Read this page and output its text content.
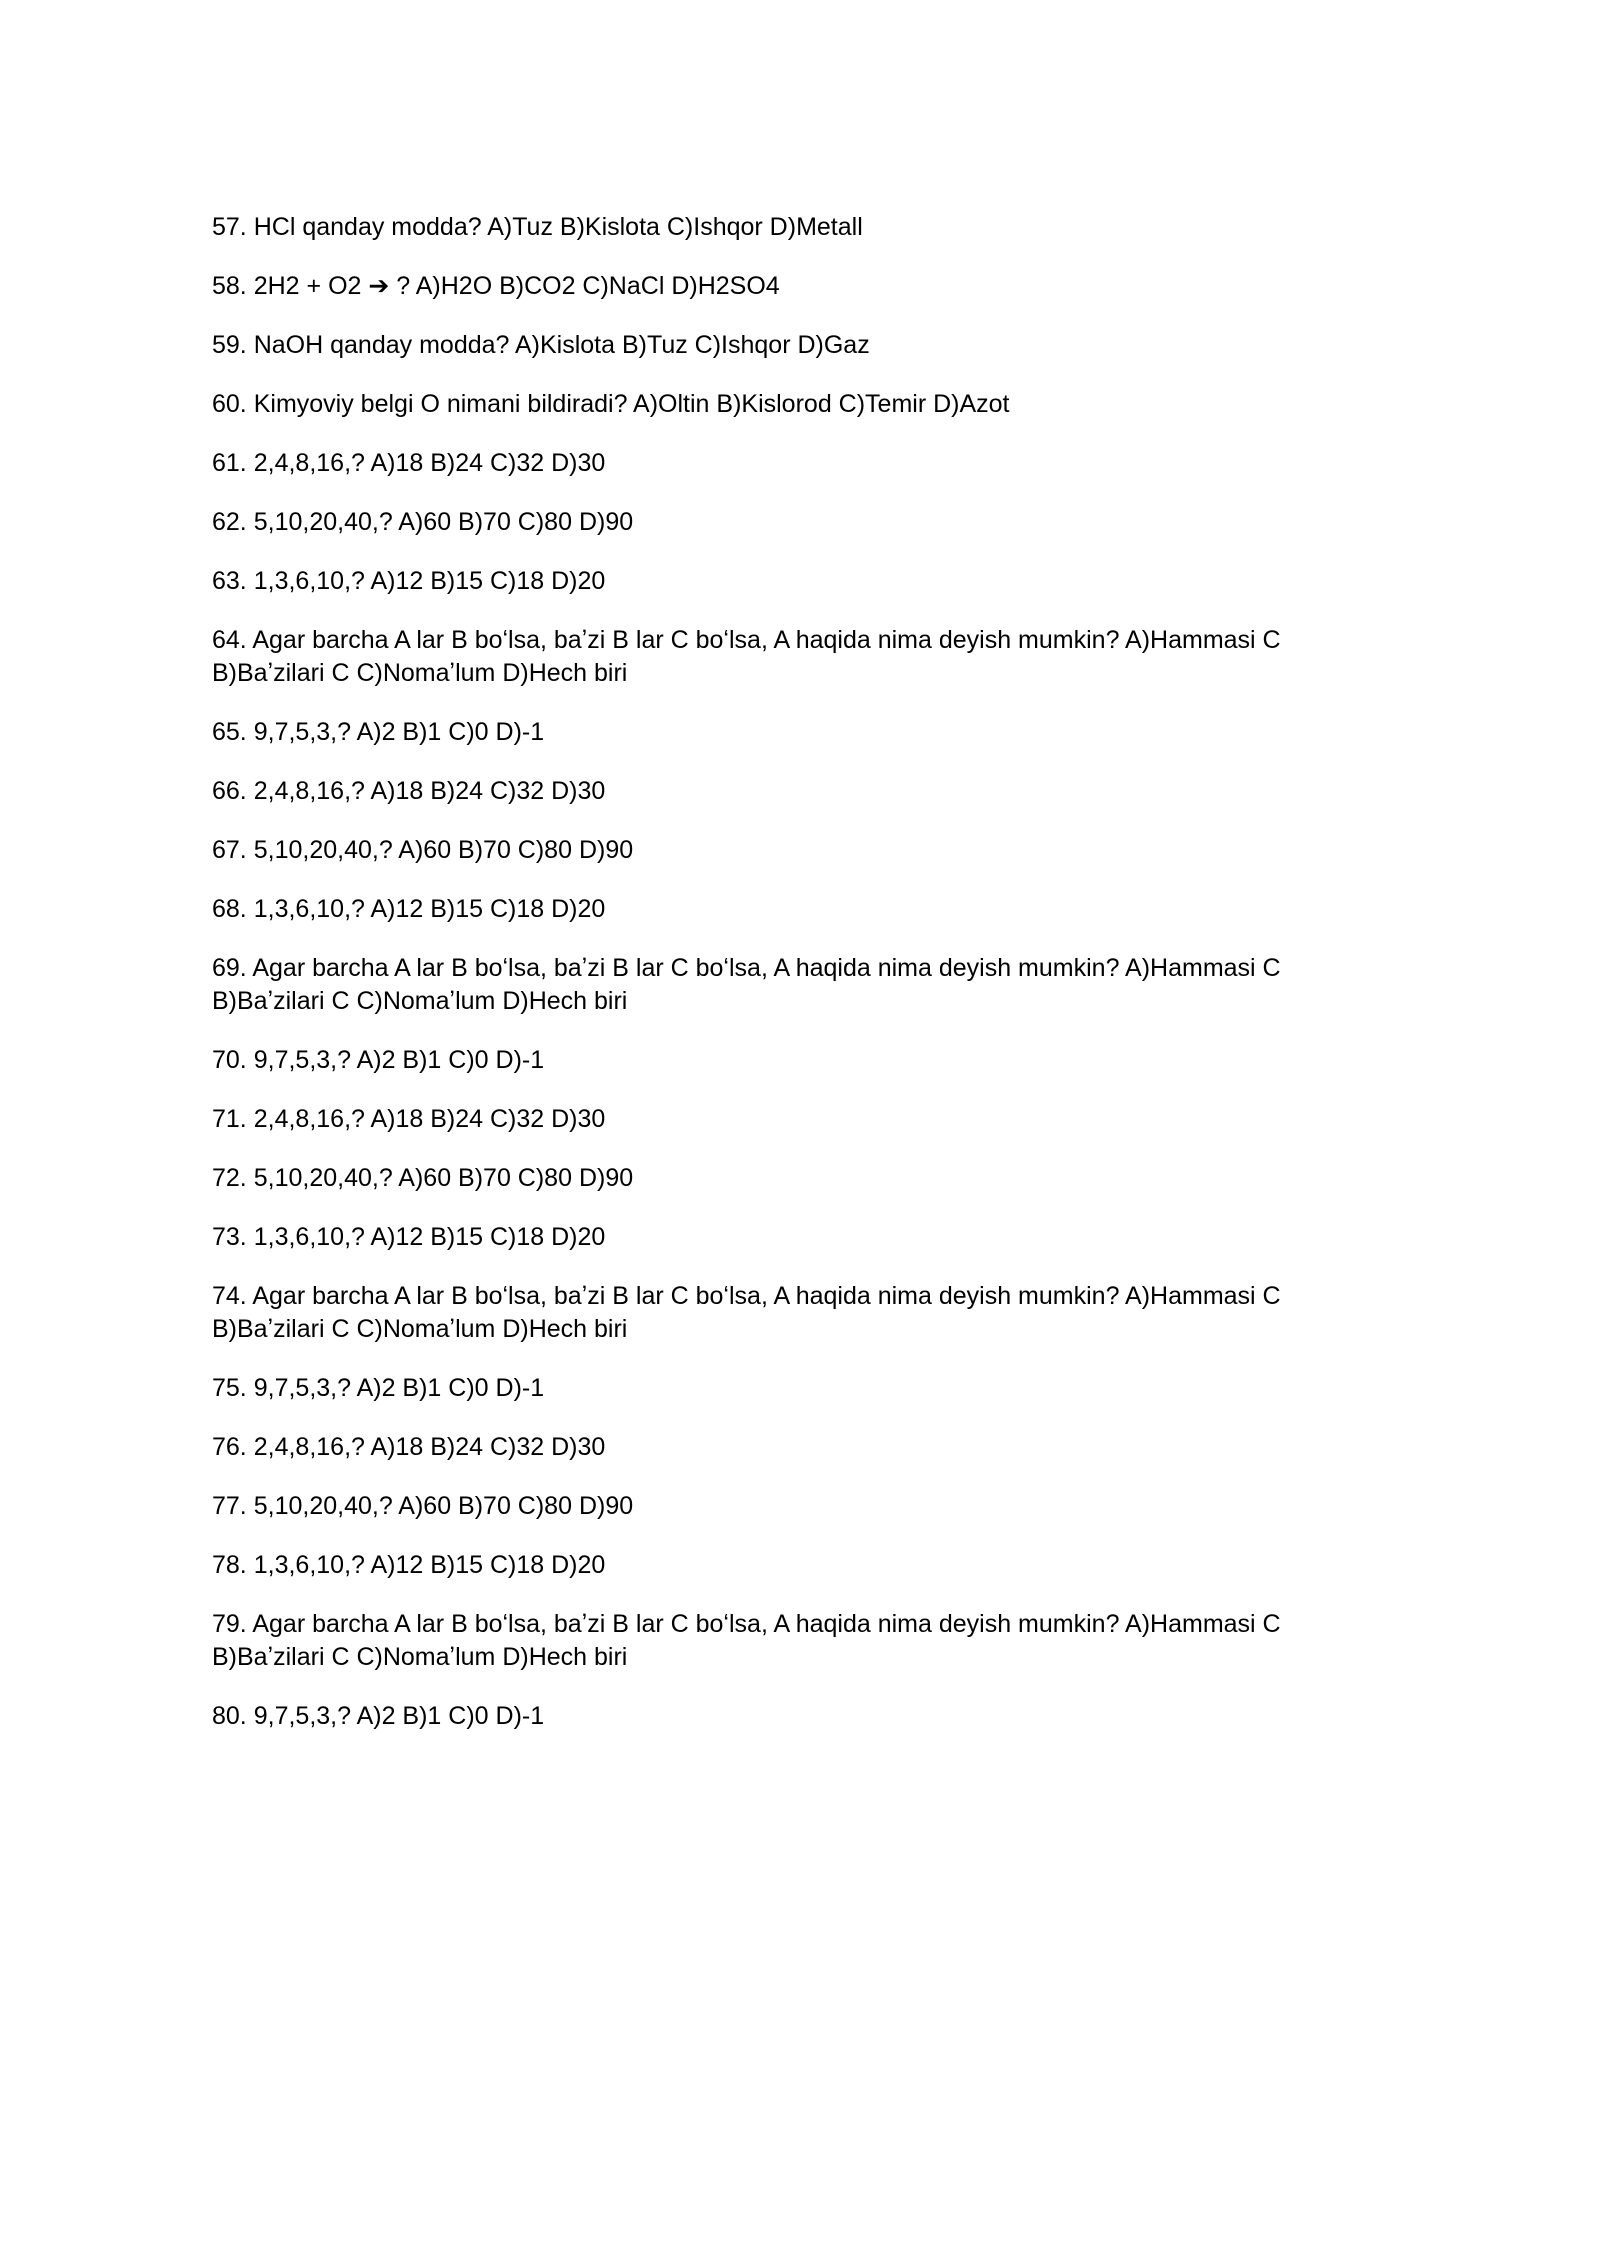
57. HCl qanday modda? A)Tuz B)Kislota C)Ishqor D)Metall
58. 2H2 + O2 ➔ ? A)H2O B)CO2 C)NaCl D)H2SO4
59. NaOH qanday modda? A)Kislota B)Tuz C)Ishqor D)Gaz
60. Kimyoviy belgi O nimani bildiradi? A)Oltin B)Kislorod C)Temir D)Azot
61. 2,4,8,16,? A)18 B)24 C)32 D)30
62. 5,10,20,40,? A)60 B)70 C)80 D)90
63. 1,3,6,10,? A)12 B)15 C)18 D)20
64. Agar barcha A lar B boʻlsa, baʼzi B lar C boʻlsa, A haqida nima deyish mumkin? A)Hammasi C B)Baʼzilari C C)Nomaʼlum D)Hech biri
65. 9,7,5,3,? A)2 B)1 C)0 D)-1
66. 2,4,8,16,? A)18 B)24 C)32 D)30
67. 5,10,20,40,? A)60 B)70 C)80 D)90
68. 1,3,6,10,? A)12 B)15 C)18 D)20
69. Agar barcha A lar B boʻlsa, baʼzi B lar C boʻlsa, A haqida nima deyish mumkin? A)Hammasi C B)Baʼzilari C C)Nomaʼlum D)Hech biri
70. 9,7,5,3,? A)2 B)1 C)0 D)-1
71. 2,4,8,16,? A)18 B)24 C)32 D)30
72. 5,10,20,40,? A)60 B)70 C)80 D)90
73. 1,3,6,10,? A)12 B)15 C)18 D)20
74. Agar barcha A lar B boʻlsa, baʼzi B lar C boʻlsa, A haqida nima deyish mumkin? A)Hammasi C B)Baʼzilari C C)Nomaʼlum D)Hech biri
75. 9,7,5,3,? A)2 B)1 C)0 D)-1
76. 2,4,8,16,? A)18 B)24 C)32 D)30
77. 5,10,20,40,? A)60 B)70 C)80 D)90
78. 1,3,6,10,? A)12 B)15 C)18 D)20
79. Agar barcha A lar B boʻlsa, baʼzi B lar C boʻlsa, A haqida nima deyish mumkin? A)Hammasi C B)Baʼzilari C C)Nomaʼlum D)Hech biri
80. 9,7,5,3,? A)2 B)1 C)0 D)-1
